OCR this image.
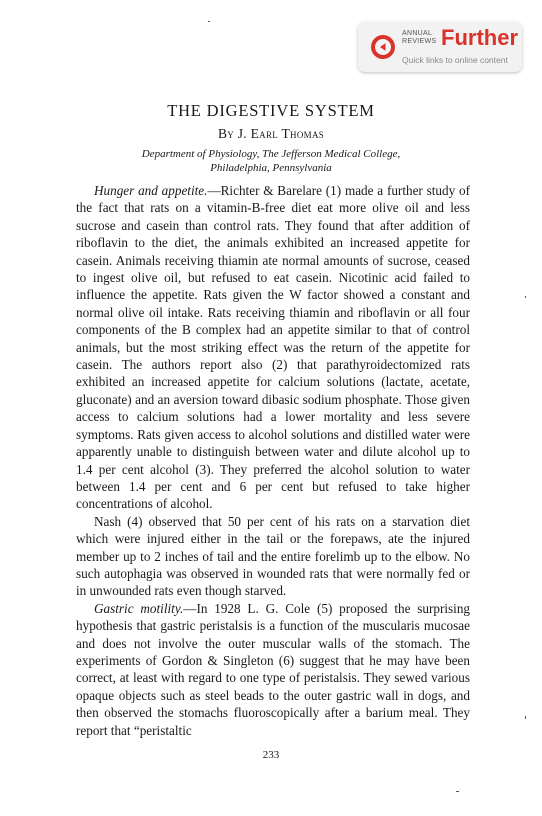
ANNUAL
REVIEWS Further
Quick links to online content
THE DIGESTIVE SYSTEM
By J. Earl Thomas
Department of Physiology, The Jefferson Medical College,
Philadelphia, Pennsylvania

Hunger and appetite.—Richter & Barelare (1) made a further study of the fact that rats on a vitamin-B-free diet eat more olive oil and less sucrose and casein than control rats. They found that after addition of riboflavin to the diet, the animals exhibited an increased appetite for casein. Animals receiving thiamin ate normal amounts of sucrose, ceased to ingest olive oil, but refused to eat casein. Nicotinic acid failed to influence the appetite. Rats given the W factor showed a constant and normal olive oil intake. Rats receiving thiamin and riboflavin or all four components of the B complex had an appetite similar to that of control animals, but the most striking effect was the return of the appetite for casein. The authors report also (2) that parathyroidectomized rats exhibited an increased appetite for calcium solutions (lactate, acetate, gluconate) and an aversion toward dibasic sodium phosphate. Those given access to calcium solutions had a lower mortality and less severe symptoms. Rats given access to alcohol solutions and distilled water were apparently unable to distinguish between water and dilute alcohol up to 1.4 per cent alcohol (3). They preferred the alcohol solution to water between 1.4 per cent and 6 per cent but refused to take higher concentrations of alcohol.

Nash (4) observed that 50 per cent of his rats on a starvation diet which were injured either in the tail or the forepaws, ate the injured member up to 2 inches of tail and the entire forelimb up to the elbow. No such autophagia was observed in wounded rats that were normally fed or in unwounded rats even though starved.

Gastric motility.—In 1928 L. G. Cole (5) proposed the surprising hypothesis that gastric peristalsis is a function of the muscularis mucosae and does not involve the outer muscular walls of the stomach. The experiments of Gordon & Singleton (6) suggest that he may have been correct, at least with regard to one type of peristalsis. They sewed various opaque objects such as steel beads to the outer gastric wall in dogs, and then observed the stomachs fluoroscopically after a barium meal. They report that “peristaltic

233
